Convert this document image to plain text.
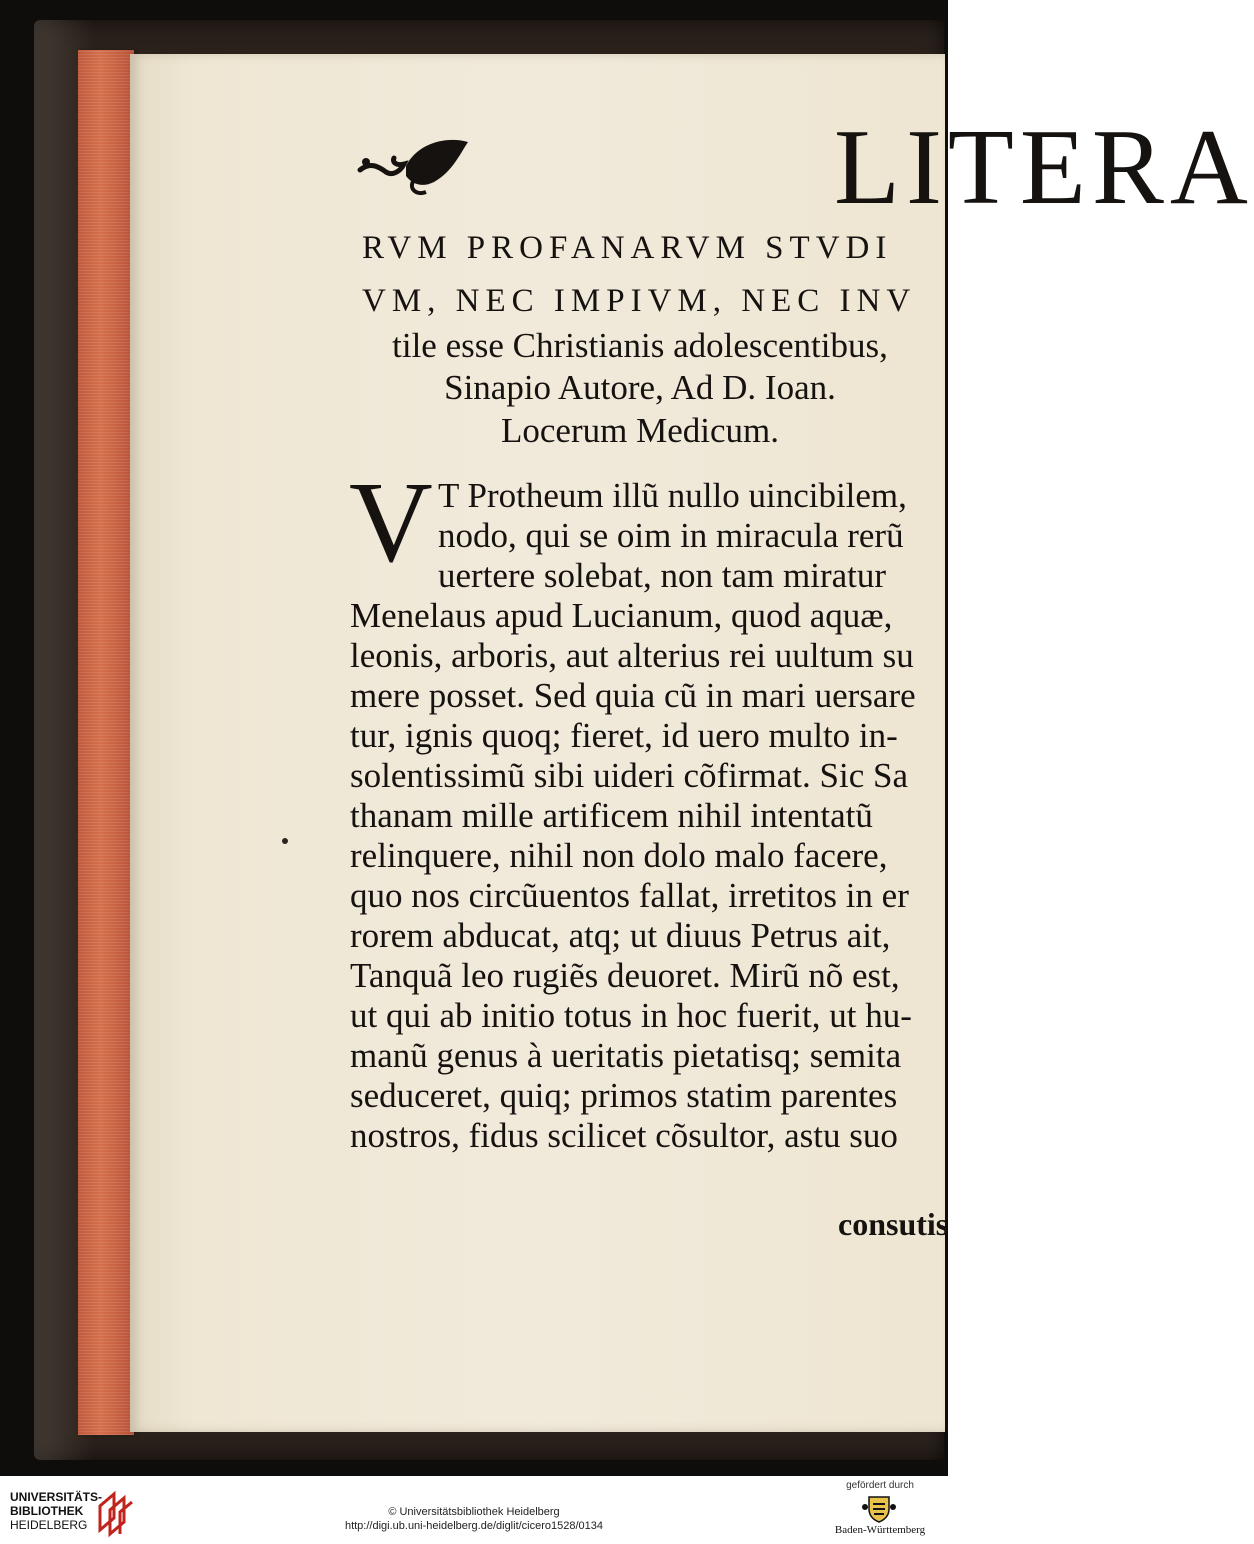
LITERA
RVM PROFANARVM STVDI
VM, NEC IMPIVM, NEC INV
tile esse Christianis adolescentibus,
Sinapio Autore, Ad D. Ioan.
Locerum Medicum.
V T Protheum illũ nullo uincibilem,
nodo, qui se oim in miracula rerũ
uertere solebat, non tam miratur
Menelaus apud Lucianum, quod aquæ,
leonis, arboris, aut alterius rei uultum su
mere posset. Sed quia cũ in mari uersare
tur, ignis quoq; fieret, id uero multo in-
solentissimũ sibi uideri cõfirmat. Sic Sa
thanam mille artificem nihil intentatũ
relinquere, nihil non dolo malo facere,
quo nos circũuentos fallat, irretitos in er
rorem abducat, atq; ut diuus Petrus ait,
Tanquã leo rugiẽs deuoret. Mirũ nõ est,
ut qui ab initio totus in hoc fuerit, ut hu-
manũ genus à ueritatis pietatisq; semita
seduceret, quiq; primos statim parentes
nostros, fidus scilicet cõsultor, astu suo
consutis
UNIVERSITÄTS-
BIBLIOTHEK
HEIDELBERG
© Universitätsbibliothek Heidelberg
http://digi.ub.uni-heidelberg.de/diglit/cicero1528/0134
gefördert durch
Baden-Württemberg
